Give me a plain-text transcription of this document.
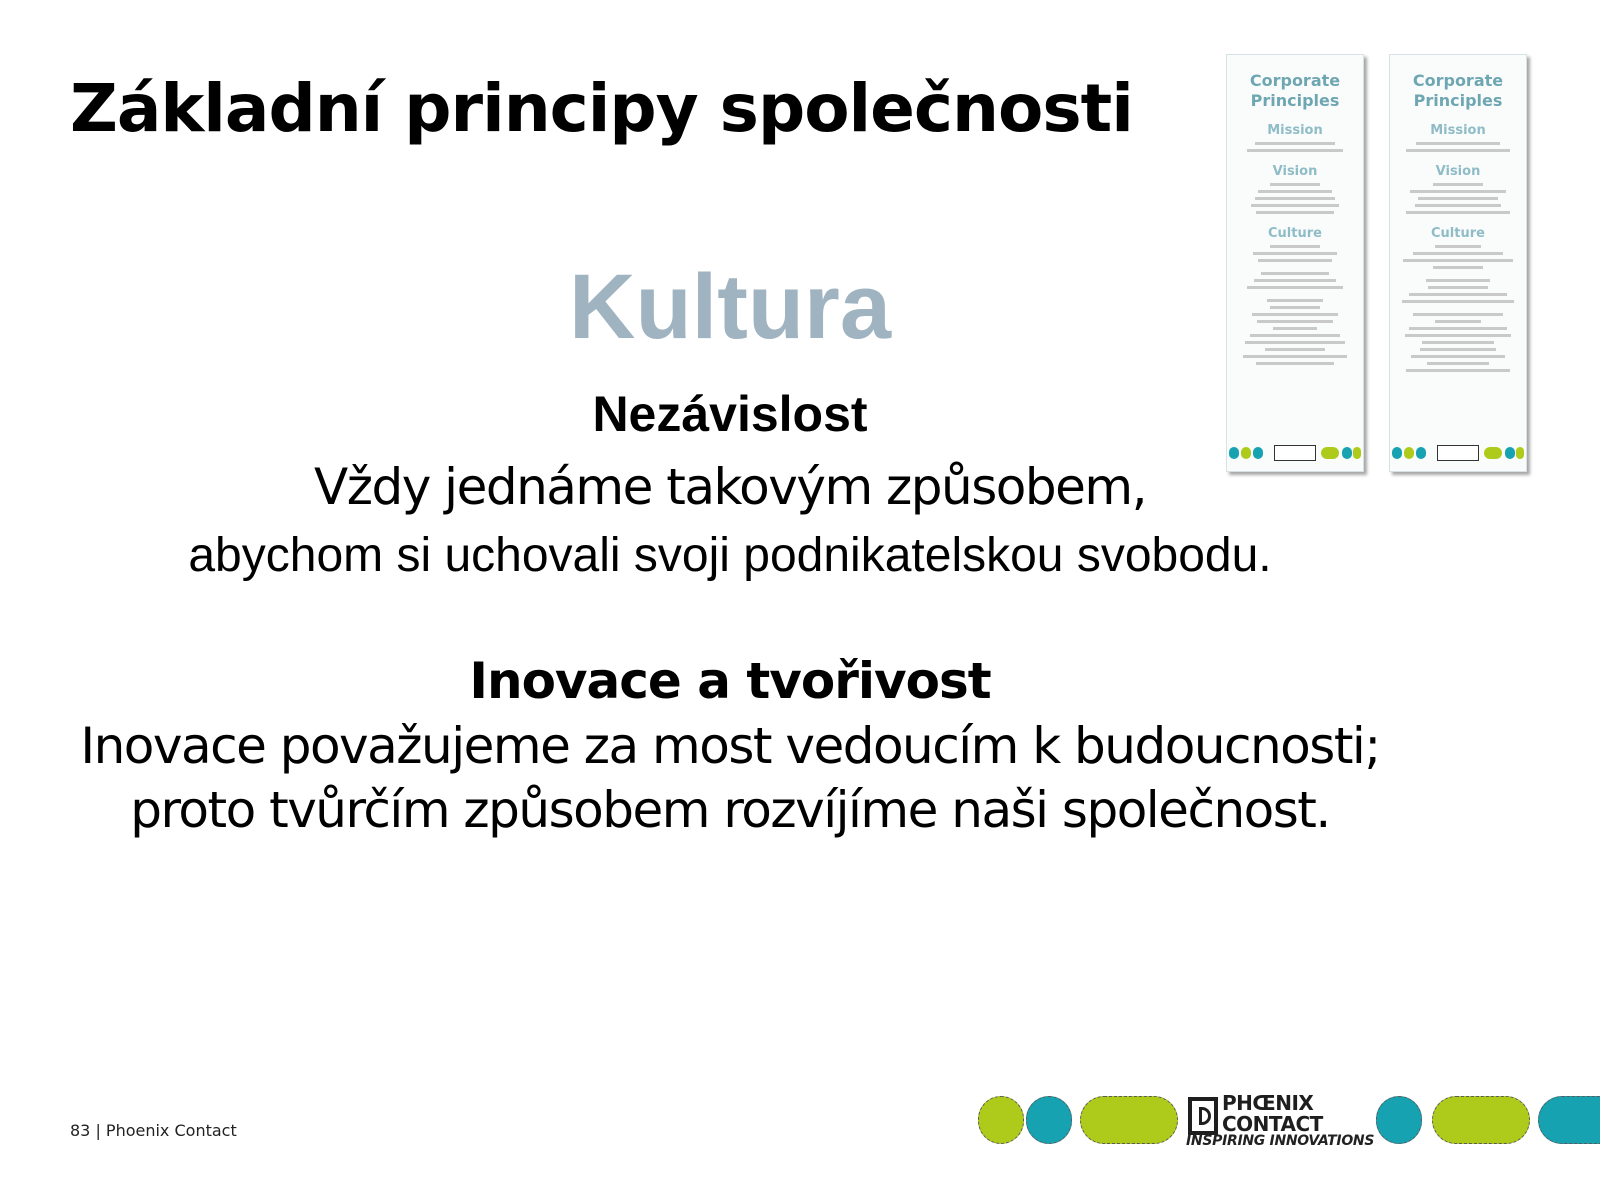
Základní principy společnosti	Corporate Principles
Mission
Vision
Culture
Corporate Principles
Mission
Vision
Culture
Kultura
Nezávislost
Vždy jednáme takovým způsobem,
abychom si uchovali svoji podnikatelskou svobodu.
Inovace a tvořivost
Inovace považujeme za most vedoucím k budoucnosti;
proto tvůrčím způsobem rozvíjíme naši společnost.
83 | Phoenix Contact
PHŒNIX CONTACT
INSPIRING INNOVATIONS
